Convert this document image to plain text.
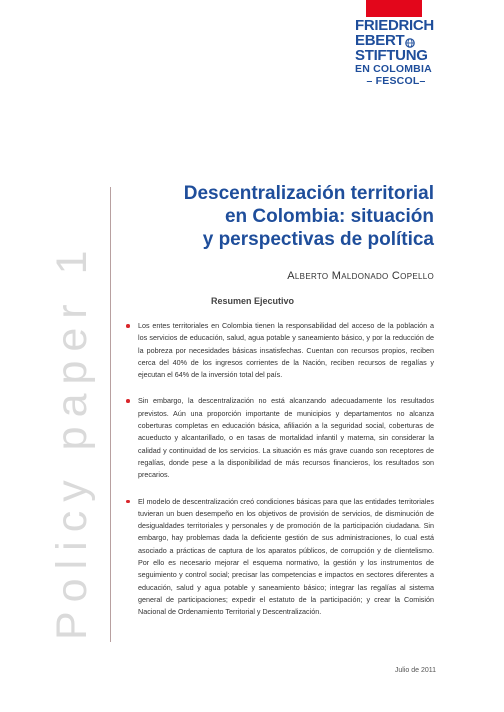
FRIEDRICH
EBERT
STIFTUNG
EN COLOMBIA
– FESCOL–
Policy paper 1
Descentralización territorial
en Colombia: situación
y perspectivas de política
Alberto Maldonado Copello
Resumen Ejecutivo
Los entes territoriales en Colombia tienen la responsabilidad del acceso de la población a los servicios de educación, salud, agua potable y saneamiento básico, y por la reducción de la pobreza por necesidades básicas insatisfechas. Cuentan con recursos propios, reciben cerca del 40% de los ingresos corrientes de la Nación, reciben recursos de regalías y ejecutan el 64% de la inversión total del país.
Sin embargo, la descentralización no está alcanzando adecuadamente los resultados previstos. Aún una proporción importante de municipios y departamentos no alcanza coberturas completas en educación básica, afiliación a la seguridad social, coberturas de acueducto y alcantarillado, o en tasas de mortalidad infantil y materna, sin considerar la calidad y continuidad de los servicios. La situación es más grave cuando son receptores de regalías, donde pese a la disponibilidad de más recursos financieros, los resultados son precarios.
El modelo de descentralización creó condiciones básicas para que las entidades territoriales tuvieran un buen desempeño en los objetivos de provisión de servicios, de disminución de desigualdades territoriales y personales y de promoción de la participación ciudadana. Sin embargo, hay problemas dada la deficiente gestión de sus administraciones, lo cual está asociado a prácticas de captura de los aparatos públicos, de corrupción y de clientelismo. Por ello es necesario mejorar el esquema normativo, la gestión y los instrumentos de seguimiento y control social; precisar las competencias e impactos en sectores diferentes a educación, salud y agua potable y saneamiento básico; integrar las regalías al sistema general de participaciones; expedir el estatuto de la participación; y crear la Comisión Nacional de Ordenamiento Territorial y Descentralización.
Julio de 2011
